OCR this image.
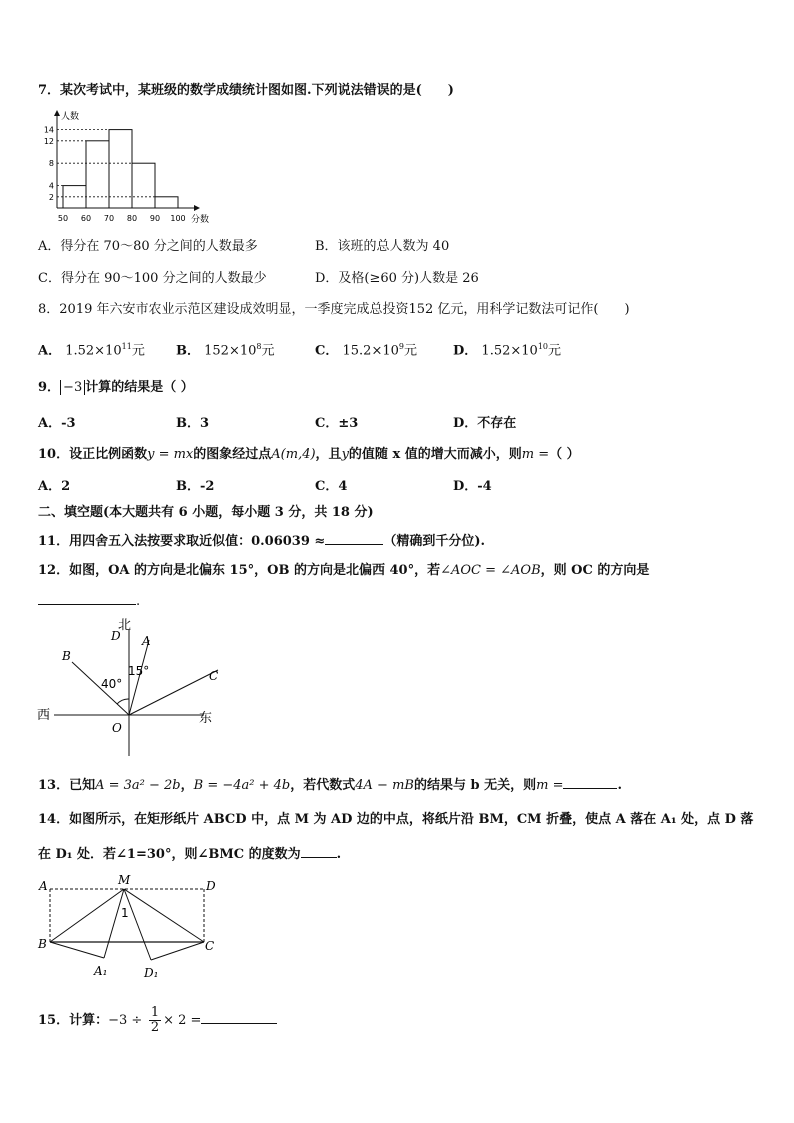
7．某次考试中，某班级的数学成绩统计图如图.下列说法错误的是(　　)
2
4
8
12
14
50 60 70 80 90 100
人数
分数
A．得分在 70～80 分之间的人数最多	B．该班的总人数为 40
C．得分在 90～100 分之间的人数最少	D．及格(≥60 分)人数是 26
8．2019 年六安市农业示范区建设成效明显，一季度完成总投资152 亿元，用科学记数法可记作(　　)
A． $1.52\times 10^{11}$元 B． $152\times 10^8$元	C． $15.2\times 10^9$元	D． $1.52\times 10^{10}$元
9． −3 计算的结果是（ ）
A．-3	B．3	C．±3	D．不存在
10．设正比例函数y = mx的图象经过点A(m,4)，且y的值随 x 值的增大而减小，则m =（ ）
A．2	B．-2	C．4	D．-4
二、填空题(本大题共有 6 小题，每小题 3 分，共 18 分)
11．用四舍五入法按要求取近似值：0.06039 ≈	（精确到千分位).
12．如图，OA 的方向是北偏东 15°，OB 的方向是北偏西 40°，若∠AOC = ∠AOB，则 OC 的方向是
.
北
D A
B
C
O
西	东
15°
40°
13．已知A = 3a² − 2b，B = −4a² + 4b，若代数式4A − mB的结果与 b 无关，则m =	.
14．如图所示，在矩形纸片 ABCD 中，点 M 为 AD 边的中点，将纸片沿 BM，CM 折叠，使点 A 落在 A₁ 处，点 D 落
在 D₁ 处．若∠1=30°，则∠BMC 的度数为	.
A	M	D
B	C
A₁	D₁
1
15．计算：$-3 \div \frac{1}{2} \times 2$ =
